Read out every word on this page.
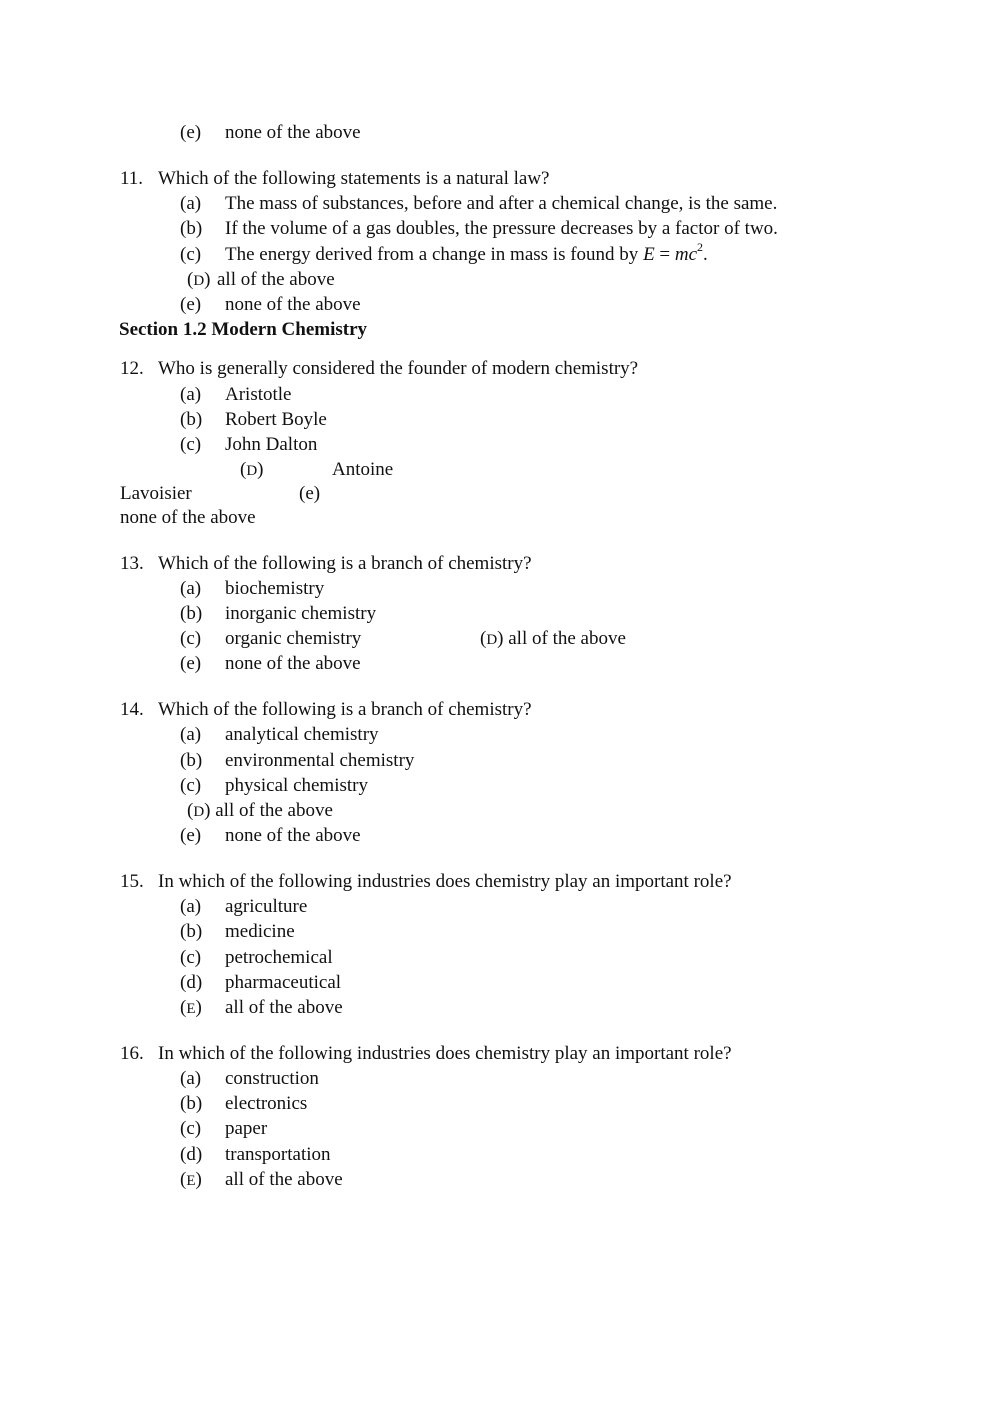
(e) none of the above
11. Which of the following statements is a natural law?
(a) The mass of substances, before and after a chemical change, is the same.
(b) If the volume of a gas doubles, the pressure decreases by a factor of two.
(c) The energy derived from a change in mass is found by $E = mc^2$.
(D) all of the above
(e) none of the above
Section 1.2 Modern Chemistry
12. Who is generally considered the founder of modern chemistry?
(a) Aristotle
(b) Robert Boyle
(c) John Dalton
(D)	Antoine
Lavoisier	(e)
none of the above
13. Which of the following is a branch of chemistry?
(a) biochemistry
(b) inorganic chemistry
(c) organic chemistry	(D) all of the above
(e) none of the above
14. Which of the following is a branch of chemistry?
(a) analytical chemistry
(b) environmental chemistry
(c) physical chemistry
(D) all of the above
(e) none of the above
15. In which of the following industries does chemistry play an important role?
(a) agriculture
(b) medicine
(c) petrochemical
(d) pharmaceutical
(E) all of the above
16. In which of the following industries does chemistry play an important role?
(a) construction
(b) electronics
(c) paper
(d) transportation
(E) all of the above
